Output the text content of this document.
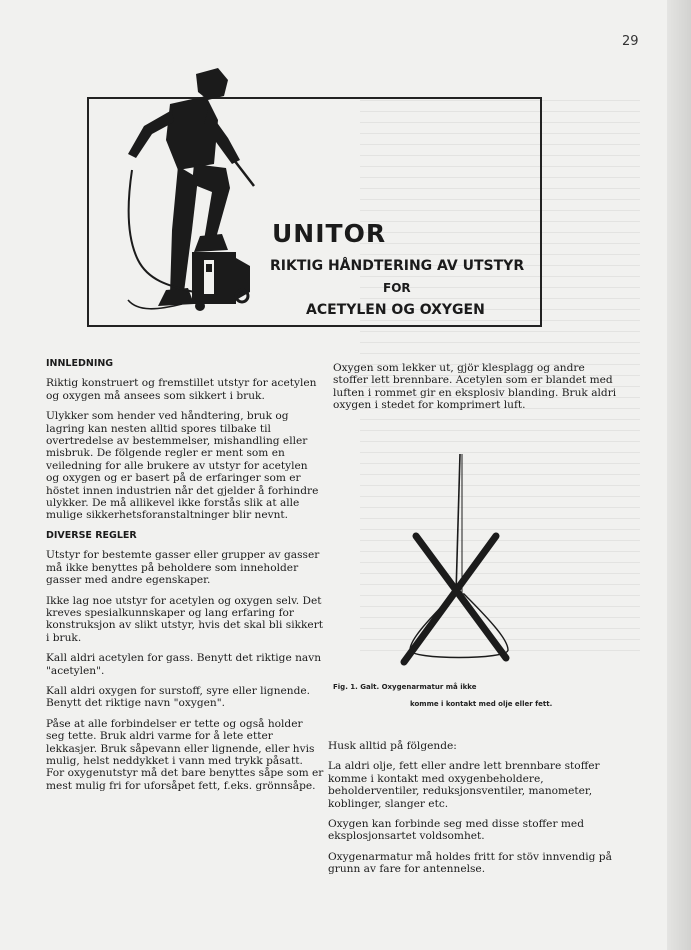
29
UNITOR
RIKTIG HÅNDTERING AV UTSTYR
FOR
ACETYLEN OG OXYGEN
INNLEDNING

Riktig konstruert og fremstillet utstyr for acetylen og oxygen må ansees som sikkert i bruk.

Ulykker som hender ved håndtering, bruk og lagring kan nesten alltid spores tilbake til overtredelse av bestemmelser, mishandling eller misbruk. De fölgende regler er ment som en veiledning for alle brukere av utstyr for acetylen og oxygen og er basert på de erfaringer som er höstet innen industrien når det gjelder å forhindre ulykker. De må allikevel ikke forstås slik at alle mulige sikkerhetsforanstaltninger blir nevnt.

DIVERSE REGLER

Utstyr for bestemte gasser eller grupper av gasser må ikke benyttes på beholdere som inneholder gasser med andre egenskaper.

Ikke lag noe utstyr for acetylen og oxygen selv. Det kreves spesialkunnskaper og lang erfaring for konstruksjon av slikt utstyr, hvis det skal bli sikkert i bruk.

Kall aldri acetylen for gass. Benytt det riktige navn "acetylen".

Kall aldri oxygen for surstoff, syre eller lignende. Benytt det riktige navn "oxygen".

Påse at alle forbindelser er tette og også holder seg tette. Bruk aldri varme for å lete etter lekkasjer. Bruk såpevann eller lignende, eller hvis mulig, helst neddykket i vann med trykk påsatt. For oxygenutstyr må det bare benyttes såpe som er mest mulig fri for uforsåpet fett, f.eks. grönnsåpe.

Oxygen som lekker ut, gjör klesplagg og andre stoffer lett brennbare. Acetylen som er blandet med luften i rommet gir en eksplosiv blanding. Bruk aldri oxygen i stedet for komprimert luft.

Fig. 1. Galt. Oxygenarmatur må ikke
komme i kontakt med olje eller fett.

Husk alltid på fölgende:

La aldri olje, fett eller andre lett brennbare stoffer komme i kontakt med oxygenbeholdere, beholderventiler, reduksjonsventiler, manometer, koblinger, slanger etc.

Oxygen kan forbinde seg med disse stoffer med eksplosjonsartet voldsomhet.

Oxygenarmatur må holdes fritt for stöv innvendig på grunn av fare for antennelse.
